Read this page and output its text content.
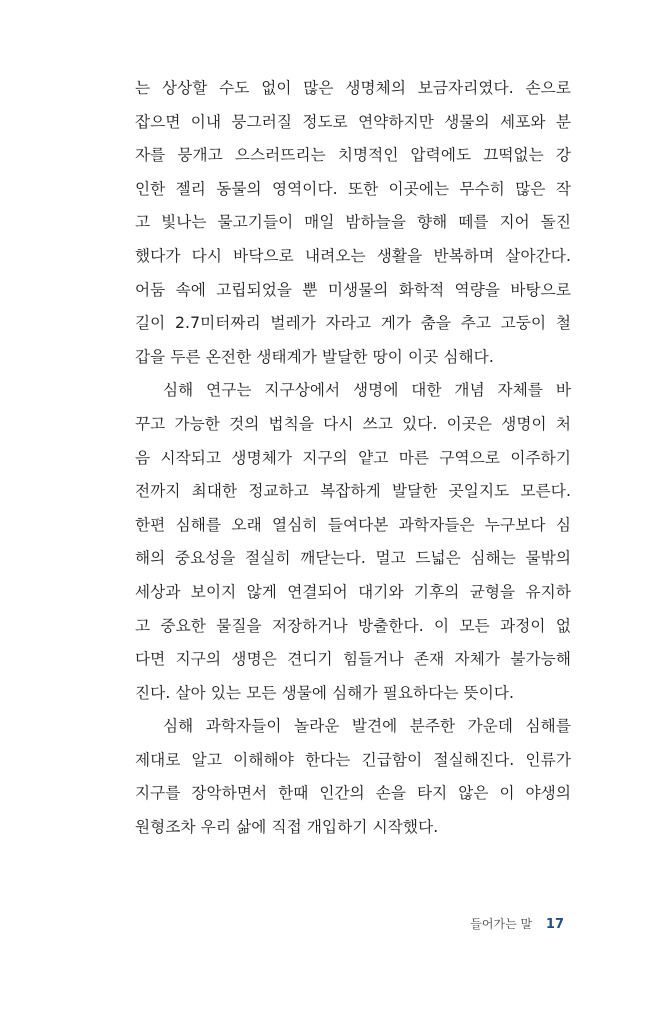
는 상상할 수도 없이 많은 생명체의 보금자리였다. 손으로
잡으면 이내 뭉그러질 정도로 연약하지만 생물의 세포와 분
자를 뭉개고 으스러뜨리는 치명적인 압력에도 끄떡없는 강
인한 젤리 동물의 영역이다. 또한 이곳에는 무수히 많은 작
고 빛나는 물고기들이 매일 밤하늘을 향해 떼를 지어 돌진
했다가 다시 바닥으로 내려오는 생활을 반복하며 살아간다.
어둠 속에 고립되었을 뿐 미생물의 화학적 역량을 바탕으로
길이 2.7미터짜리 벌레가 자라고 게가 춤을 추고 고둥이 철
갑을 두른 온전한 생태계가 발달한 땅이 이곳 심해다.
심해 연구는 지구상에서 생명에 대한 개념 자체를 바
꾸고 가능한 것의 법칙을 다시 쓰고 있다. 이곳은 생명이 처
음 시작되고 생명체가 지구의 얕고 마른 구역으로 이주하기
전까지 최대한 정교하고 복잡하게 발달한 곳일지도 모른다.
한편 심해를 오래 열심히 들여다본 과학자들은 누구보다 심
해의 중요성을 절실히 깨닫는다. 멀고 드넓은 심해는 물밖의
세상과 보이지 않게 연결되어 대기와 기후의 균형을 유지하
고 중요한 물질을 저장하거나 방출한다. 이 모든 과정이 없
다면 지구의 생명은 견디기 힘들거나 존재 자체가 불가능해
진다. 살아 있는 모든 생물에 심해가 필요하다는 뜻이다.
심해 과학자들이 놀라운 발견에 분주한 가운데 심해를
제대로 알고 이해해야 한다는 긴급함이 절실해진다. 인류가
지구를 장악하면서 한때 인간의 손을 타지 않은 이 야생의
원형조차 우리 삶에 직접 개입하기 시작했다.
들어가는 말 17
